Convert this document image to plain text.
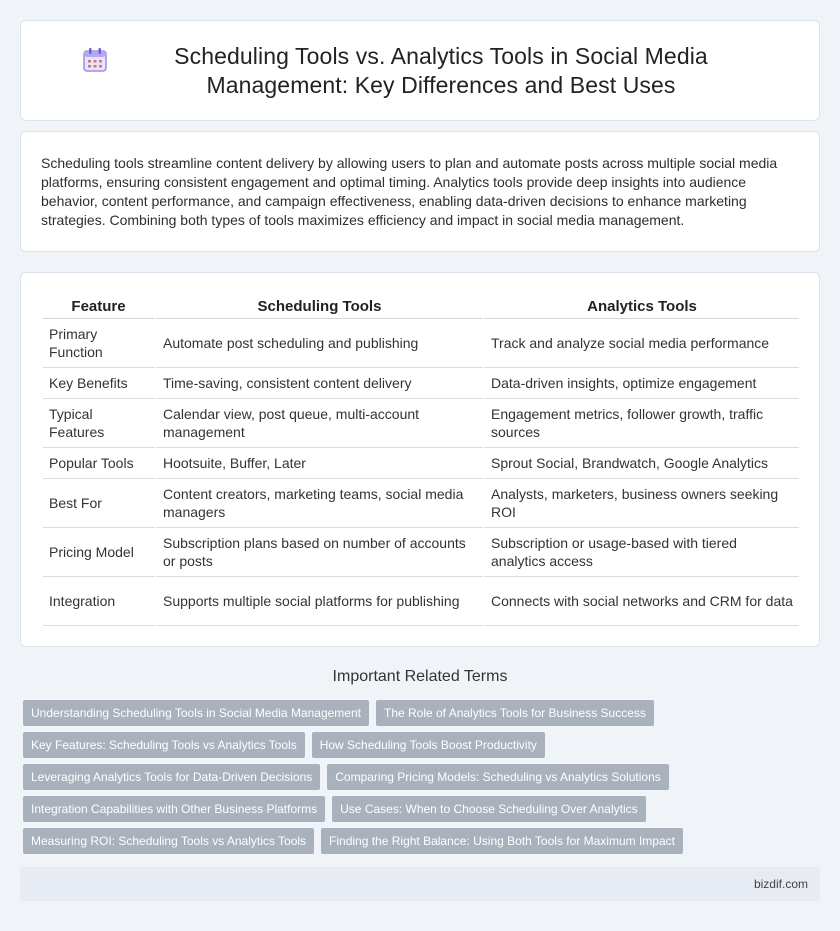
Scheduling Tools vs. Analytics Tools in Social Media Management: Key Differences and Best Uses

Scheduling tools streamline content delivery by allowing users to plan and automate posts across multiple social media platforms, ensuring consistent engagement and optimal timing. Analytics tools provide deep insights into audience behavior, content performance, and campaign effectiveness, enabling data-driven decisions to enhance marketing strategies. Combining both types of tools maximizes efficiency and impact in social media management.

Feature	Scheduling Tools	Analytics Tools
Primary Function	Automate post scheduling and publishing	Track and analyze social media performance
Key Benefits	Time-saving, consistent content delivery	Data-driven insights, optimize engagement
Typical Features	Calendar view, post queue, multi-account management	Engagement metrics, follower growth, traffic sources
Popular Tools	Hootsuite, Buffer, Later	Sprout Social, Brandwatch, Google Analytics
Best For	Content creators, marketing teams, social media managers	Analysts, marketers, business owners seeking ROI
Pricing Model	Subscription plans based on number of accounts or posts	Subscription or usage-based with tiered analytics access
Integration	Supports multiple social platforms for publishing	Connects with social networks and CRM for data
Important Related Terms
Understanding Scheduling Tools in Social Media Management	The Role of Analytics Tools for Business Success
Key Features: Scheduling Tools vs Analytics Tools	How Scheduling Tools Boost Productivity
Leveraging Analytics Tools for Data-Driven Decisions	Comparing Pricing Models: Scheduling vs Analytics Solutions
Integration Capabilities with Other Business Platforms	Use Cases: When to Choose Scheduling Over Analytics
Measuring ROI: Scheduling Tools vs Analytics Tools	Finding the Right Balance: Using Both Tools for Maximum Impact
bizdif.com
